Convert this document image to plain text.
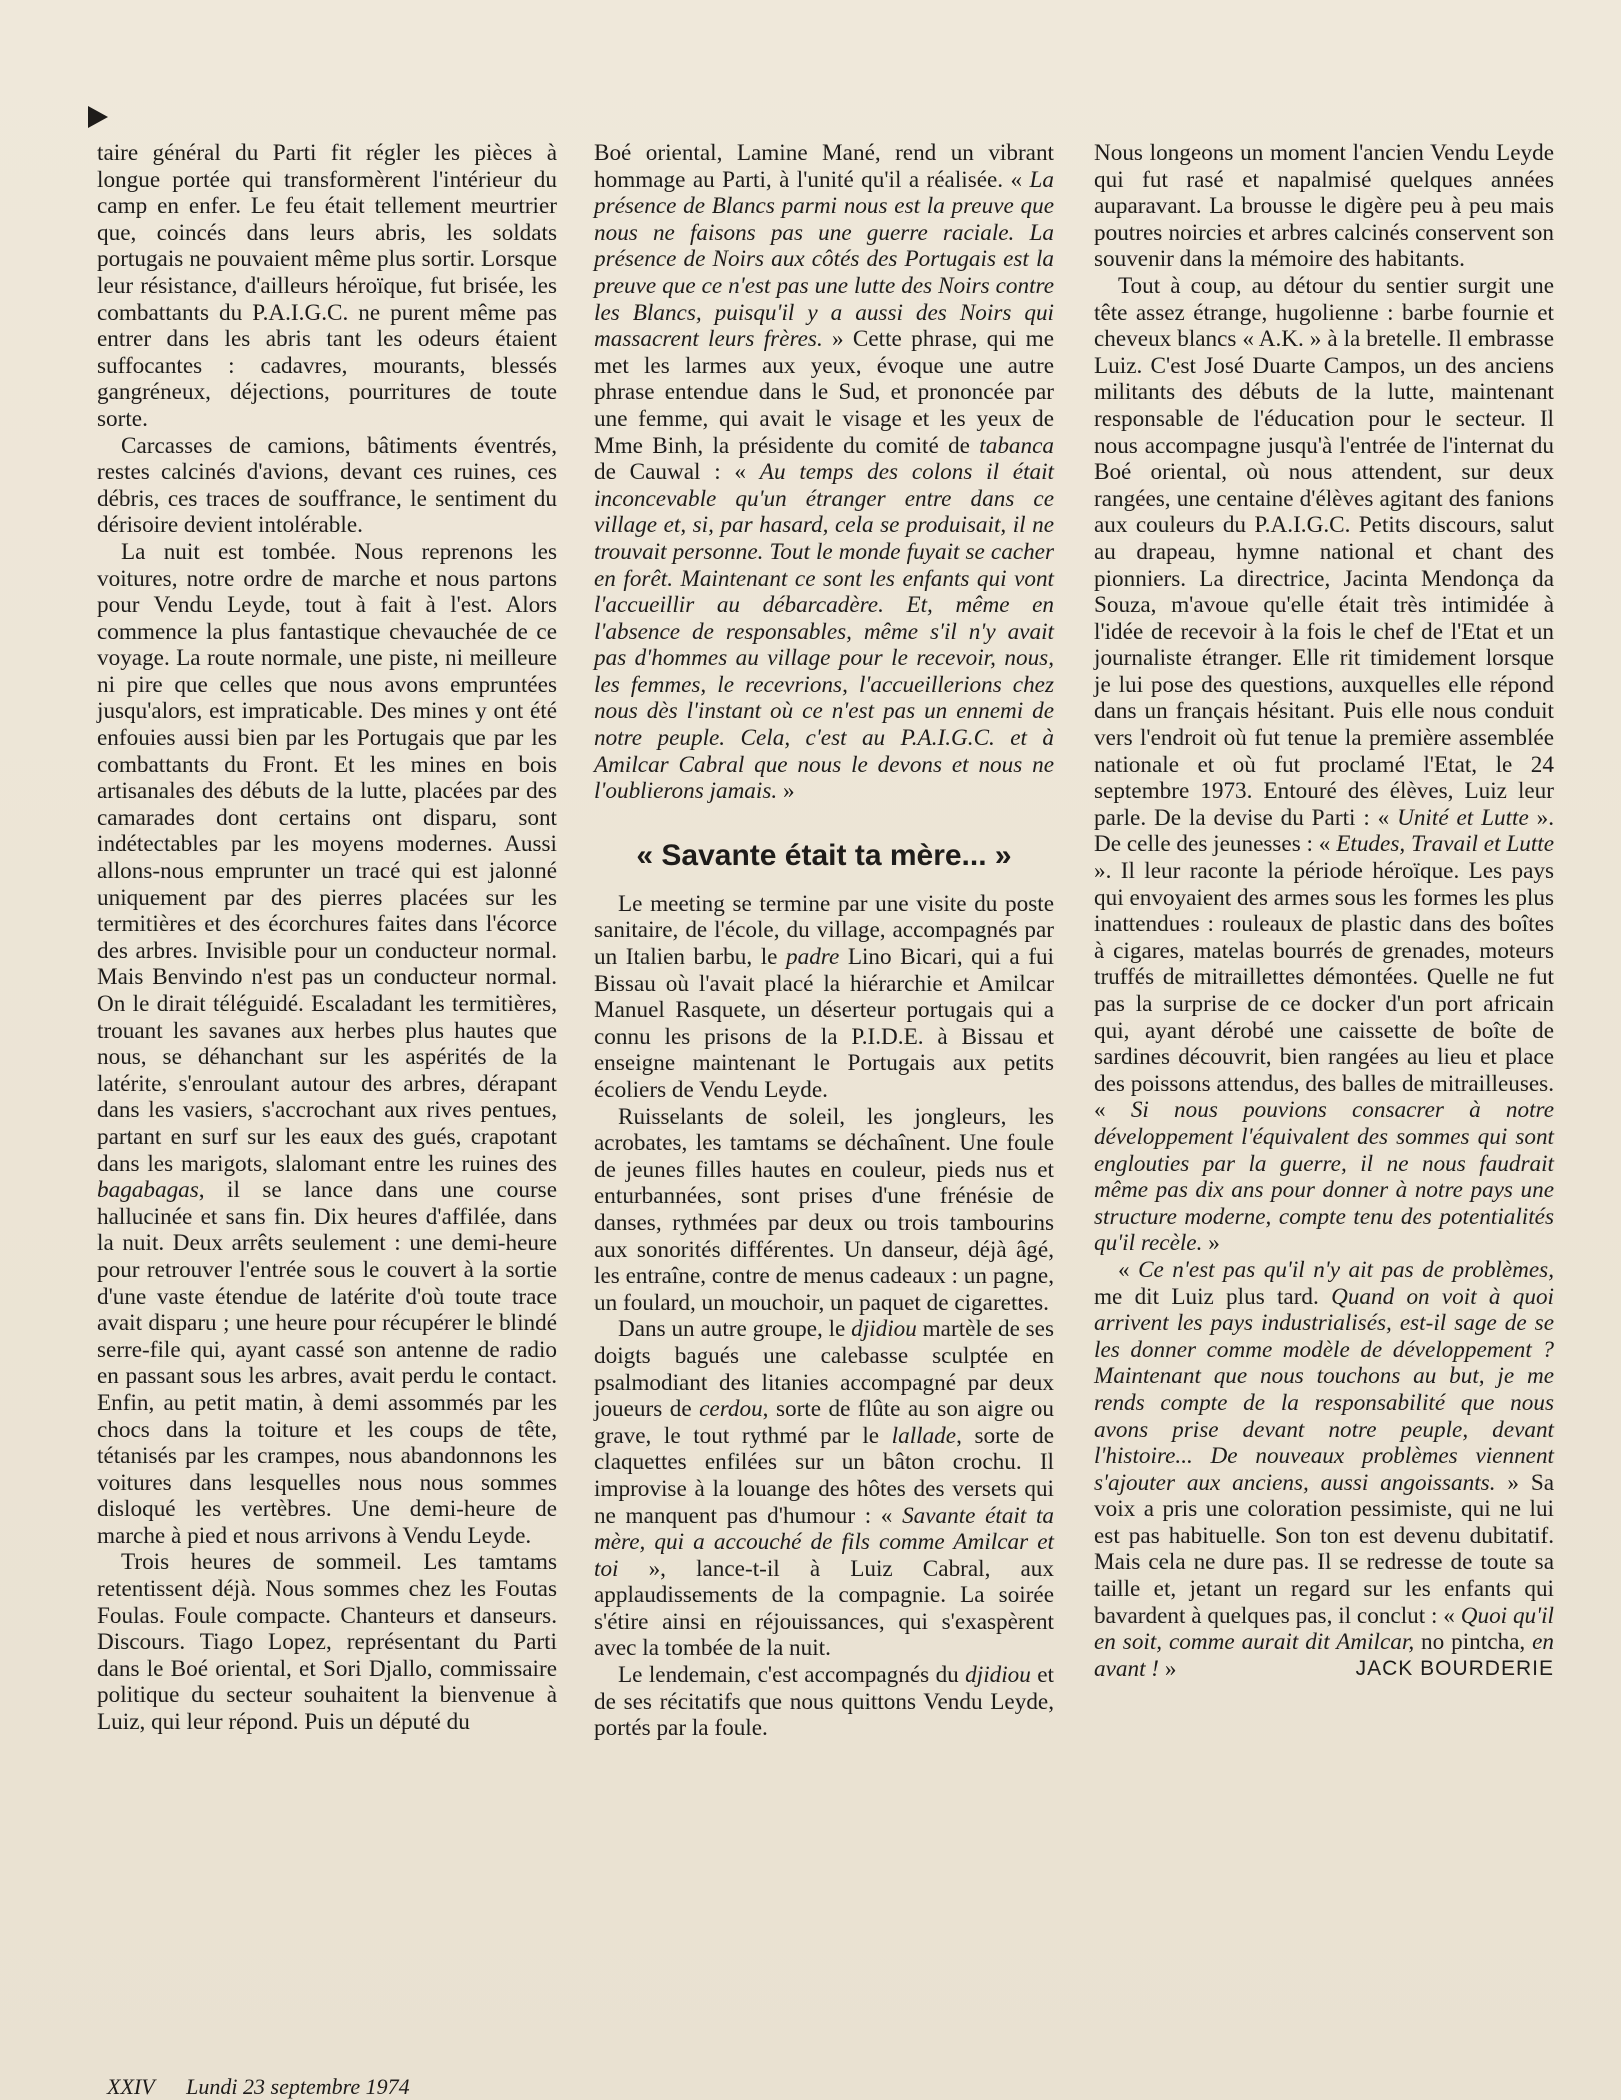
taire général du Parti fit régler les pièces à longue portée qui transformèrent l'intérieur du camp en enfer. Le feu était tellement meurtrier que, coincés dans leurs abris, les soldats portugais ne pouvaient même plus sortir. Lorsque leur résistance, d'ailleurs héroïque, fut brisée, les combattants du P.A.I.G.C. ne purent même pas entrer dans les abris tant les odeurs étaient suffocantes : cadavres, mourants, blessés gangréneux, déjections, pourritures de toute sorte.

Carcasses de camions, bâtiments éventrés, restes calcinés d'avions, devant ces ruines, ces débris, ces traces de souffrance, le sentiment du dérisoire devient intolérable.

La nuit est tombée. Nous reprenons les voitures, notre ordre de marche et nous partons pour Vendu Leyde, tout à fait à l'est. Alors commence la plus fantastique chevauchée de ce voyage. La route normale, une piste, ni meilleure ni pire que celles que nous avons empruntées jusqu'alors, est impraticable. Des mines y ont été enfouies aussi bien par les Portugais que par les combattants du Front. Et les mines en bois artisanales des débuts de la lutte, placées par des camarades dont certains ont disparu, sont indétectables par les moyens modernes. Aussi allons-nous emprunter un tracé qui est jalonné uniquement par des pierres placées sur les termitières et des écorchures faites dans l'écorce des arbres. Invisible pour un conducteur normal. Mais Benvindo n'est pas un conducteur normal. On le dirait téléguidé. Escaladant les termitières, trouant les savanes aux herbes plus hautes que nous, se déhanchant sur les aspérités de la latérite, s'enroulant autour des arbres, dérapant dans les vasiers, s'accrochant aux rives pentues, partant en surf sur les eaux des gués, crapotant dans les marigots, slalomant entre les ruines des bagabagas, il se lance dans une course hallucinée et sans fin. Dix heures d'affilée, dans la nuit. Deux arrêts seulement : une demi-heure pour retrouver l'entrée sous le couvert à la sortie d'une vaste étendue de latérite d'où toute trace avait disparu ; une heure pour récupérer le blindé serre-file qui, ayant cassé son antenne de radio en passant sous les arbres, avait perdu le contact. Enfin, au petit matin, à demi assommés par les chocs dans la toiture et les coups de tête, tétanisés par les crampes, nous abandonnons les voitures dans lesquelles nous nous sommes disloqué les vertèbres. Une demi-heure de marche à pied et nous arrivons à Vendu Leyde.

Trois heures de sommeil. Les tamtams retentissent déjà. Nous sommes chez les Foutas Foulas. Foule compacte. Chanteurs et danseurs. Discours. Tiago Lopez, représentant du Parti dans le Boé oriental, et Sori Djallo, commissaire politique du secteur souhaitent la bienvenue à Luiz, qui leur répond. Puis un député du

Boé oriental, Lamine Mané, rend un vibrant hommage au Parti, à l'unité qu'il a réalisée. « La présence de Blancs parmi nous est la preuve que nous ne faisons pas une guerre raciale. La présence de Noirs aux côtés des Portugais est la preuve que ce n'est pas une lutte des Noirs contre les Blancs, puisqu'il y a aussi des Noirs qui massacrent leurs frères. » Cette phrase, qui me met les larmes aux yeux, évoque une autre phrase entendue dans le Sud, et prononcée par une femme, qui avait le visage et les yeux de Mme Binh, la présidente du comité de tabanca de Cauwal : « Au temps des colons il était inconcevable qu'un étranger entre dans ce village et, si, par hasard, cela se produisait, il ne trouvait personne. Tout le monde fuyait se cacher en forêt. Maintenant ce sont les enfants qui vont l'accueillir au débarcadère. Et, même en l'absence de responsables, même s'il n'y avait pas d'hommes au village pour le recevoir, nous, les femmes, le recevrions, l'accueillerions chez nous dès l'instant où ce n'est pas un ennemi de notre peuple. Cela, c'est au P.A.I.G.C. et à Amilcar Cabral que nous le devons et nous ne l'oublierons jamais. »

« Savante était ta mère... »

Le meeting se termine par une visite du poste sanitaire, de l'école, du village, accompagnés par un Italien barbu, le padre Lino Bicari, qui a fui Bissau où l'avait placé la hiérarchie et Amilcar Manuel Rasquete, un déserteur portugais qui a connu les prisons de la P.I.D.E. à Bissau et enseigne maintenant le Portugais aux petits écoliers de Vendu Leyde.

Ruisselants de soleil, les jongleurs, les acrobates, les tamtams se déchaînent. Une foule de jeunes filles hautes en couleur, pieds nus et enturbannées, sont prises d'une frénésie de danses, rythmées par deux ou trois tambourins aux sonorités différentes. Un danseur, déjà âgé, les entraîne, contre de menus cadeaux : un pagne, un foulard, un mouchoir, un paquet de cigarettes.

Dans un autre groupe, le djidiou martèle de ses doigts bagués une calebasse sculptée en psalmodiant des litanies accompagné par deux joueurs de cerdou, sorte de flûte au son aigre ou grave, le tout rythmé par le lallade, sorte de claquettes enfilées sur un bâton crochu. Il improvise à la louange des hôtes des versets qui ne manquent pas d'humour : « Savante était ta mère, qui a accouché de fils comme Amilcar et toi », lance-t-il à Luiz Cabral, aux applaudissements de la compagnie. La soirée s'étire ainsi en réjouissances, qui s'exaspèrent avec la tombée de la nuit.

Le lendemain, c'est accompagnés du djidiou et de ses récitatifs que nous quittons Vendu Leyde, portés par la foule.

Nous longeons un moment l'ancien Vendu Leyde qui fut rasé et napalmisé quelques années auparavant. La brousse le digère peu à peu mais poutres noircies et arbres calcinés conservent son souvenir dans la mémoire des habitants.

Tout à coup, au détour du sentier surgit une tête assez étrange, hugolienne : barbe fournie et cheveux blancs « A.K. » à la bretelle. Il embrasse Luiz. C'est José Duarte Campos, un des anciens militants des débuts de la lutte, maintenant responsable de l'éducation pour le secteur. Il nous accompagne jusqu'à l'entrée de l'internat du Boé oriental, où nous attendent, sur deux rangées, une centaine d'élèves agitant des fanions aux couleurs du P.A.I.G.C. Petits discours, salut au drapeau, hymne national et chant des pionniers. La directrice, Jacinta Mendonça da Souza, m'avoue qu'elle était très intimidée à l'idée de recevoir à la fois le chef de l'Etat et un journaliste étranger. Elle rit timidement lorsque je lui pose des questions, auxquelles elle répond dans un français hésitant. Puis elle nous conduit vers l'endroit où fut tenue la première assemblée nationale et où fut proclamé l'Etat, le 24 septembre 1973. Entouré des élèves, Luiz leur parle. De la devise du Parti : « Unité et Lutte ». De celle des jeunesses : « Etudes, Travail et Lutte ». Il leur raconte la période héroïque. Les pays qui envoyaient des armes sous les formes les plus inattendues : rouleaux de plastic dans des boîtes à cigares, matelas bourrés de grenades, moteurs truffés de mitraillettes démontées. Quelle ne fut pas la surprise de ce docker d'un port africain qui, ayant dérobé une caissette de boîte de sardines découvrit, bien rangées au lieu et place des poissons attendus, des balles de mitrailleuses. « Si nous pouvions consacrer à notre développement l'équivalent des sommes qui sont englouties par la guerre, il ne nous faudrait même pas dix ans pour donner à notre pays une structure moderne, compte tenu des potentialités qu'il recèle. »

« Ce n'est pas qu'il n'y ait pas de problèmes, me dit Luiz plus tard. Quand on voit à quoi arrivent les pays industrialisés, est-il sage de se les donner comme modèle de développement ? Maintenant que nous touchons au but, je me rends compte de la responsabilité que nous avons prise devant notre peuple, devant l'histoire... De nouveaux problèmes viennent s'ajouter aux anciens, aussi angoissants. » Sa voix a pris une coloration pessimiste, qui ne lui est pas habituelle. Son ton est devenu dubitatif. Mais cela ne dure pas. Il se redresse de toute sa taille et, jetant un regard sur les enfants qui bavardent à quelques pas, il conclut : « Quoi qu'il en soit, comme aurait dit Amilcar, no pintcha, en avant ! »	JACK BOURDERIE
XXIV Lundi 23 septembre 1974
